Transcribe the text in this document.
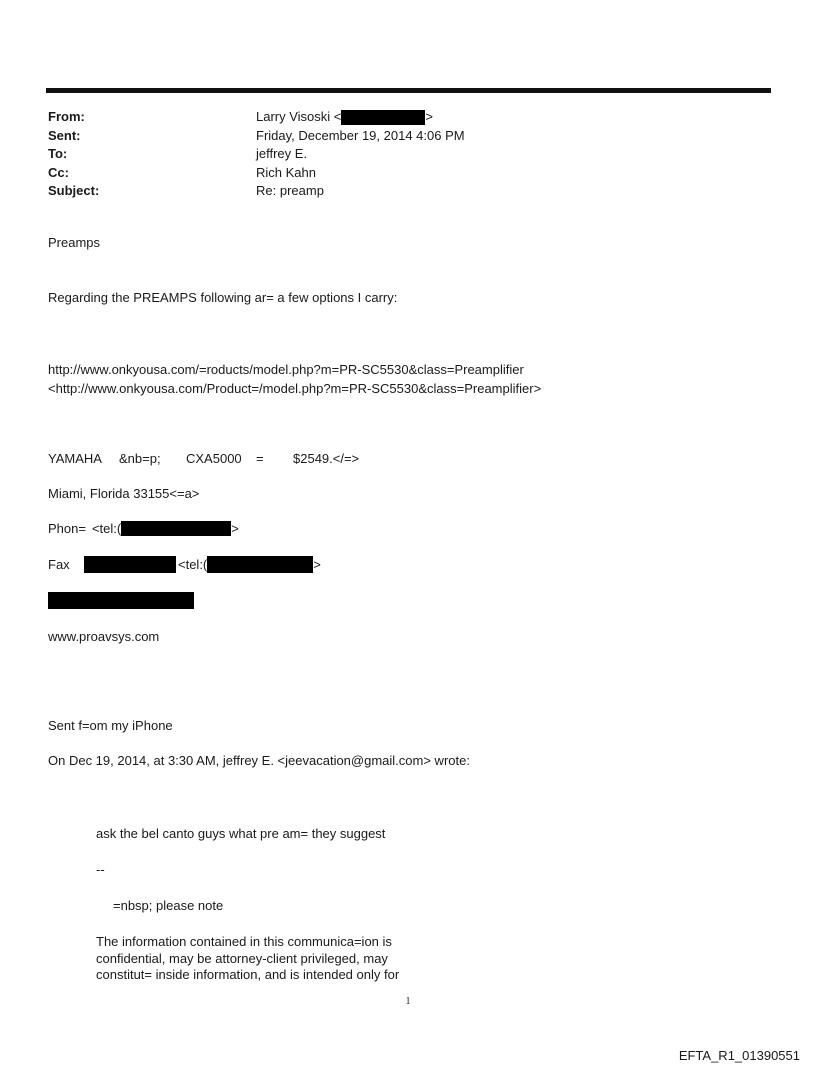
From:	Larry Visoski <	>
Sent:	Friday, December 19, 2014 4:06 PM
To:	jeffrey E.
Cc:	Rich Kahn
Subject:	Re: preamp
Preamps
Regarding the PREAMPS following ar= a few options I carry:
http://www.onkyousa.com/=roducts/model.php?m=PR-SC5530&class=Preamplifier
<http://www.onkyousa.com/Product=/model.php?m=PR-SC5530&class=Preamplifier>
YAMAHA &nb=p; CXA5000 = $2549.</=>
Miami, Florida 33155<=a>
Phon= <tel:(	>
Fax	<tel:(	>
www.proavsys.com
Sent f=om my iPhone
On Dec 19, 2014, at 3:30 AM, jeffrey E. <jeevacation@gmail.com> wrote:
ask the bel canto guys what pre am= they suggest
--
=nbsp; please note
The information contained in this communica=ion is
confidential, may be attorney-client privileged, may
constitut= inside information, and is intended only for
1
EFTA_R1_01390551
